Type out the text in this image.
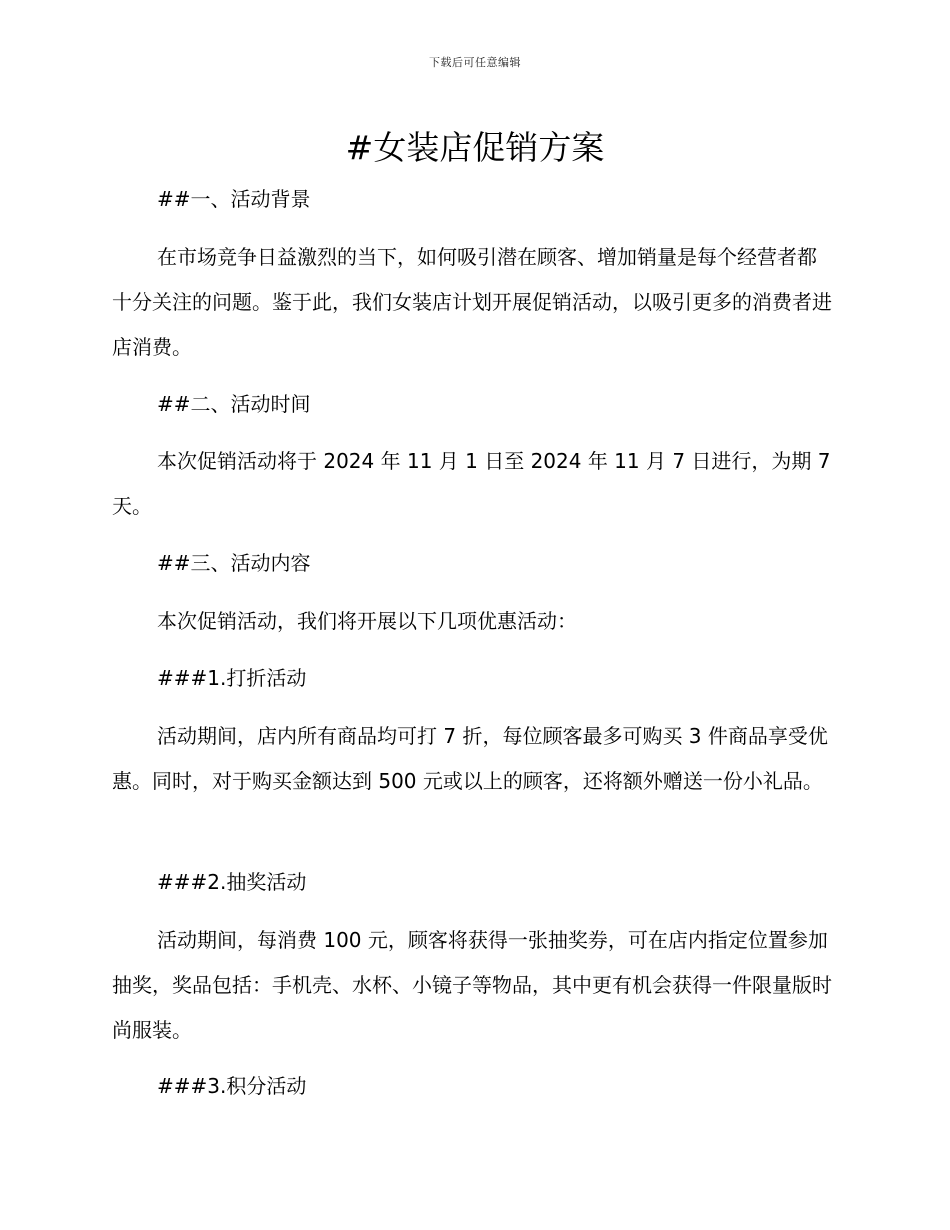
下载后可任意编辑
#女装店促销方案

##一、活动背景

在市场竞争日益激烈的当下，如何吸引潜在顾客、增加销量是每个经营者都十分关注的问题。鉴于此，我们女装店计划开展促销活动，以吸引更多的消费者进店消费。

##二、活动时间

本次促销活动将于 2024 年 11 月 1 日至 2024 年 11 月 7 日进行，为期 7 天。

##三、活动内容

本次促销活动，我们将开展以下几项优惠活动：

###1.打折活动

活动期间，店内所有商品均可打 7 折，每位顾客最多可购买 3 件商品享受优惠。同时，对于购买金额达到 500 元或以上的顾客，还将额外赠送一份小礼品。

###2.抽奖活动

活动期间，每消费 100 元，顾客将获得一张抽奖券，可在店内指定位置参加抽奖，奖品包括：手机壳、水杯、小镜子等物品，其中更有机会获得一件限量版时尚服装。

###3.积分活动
